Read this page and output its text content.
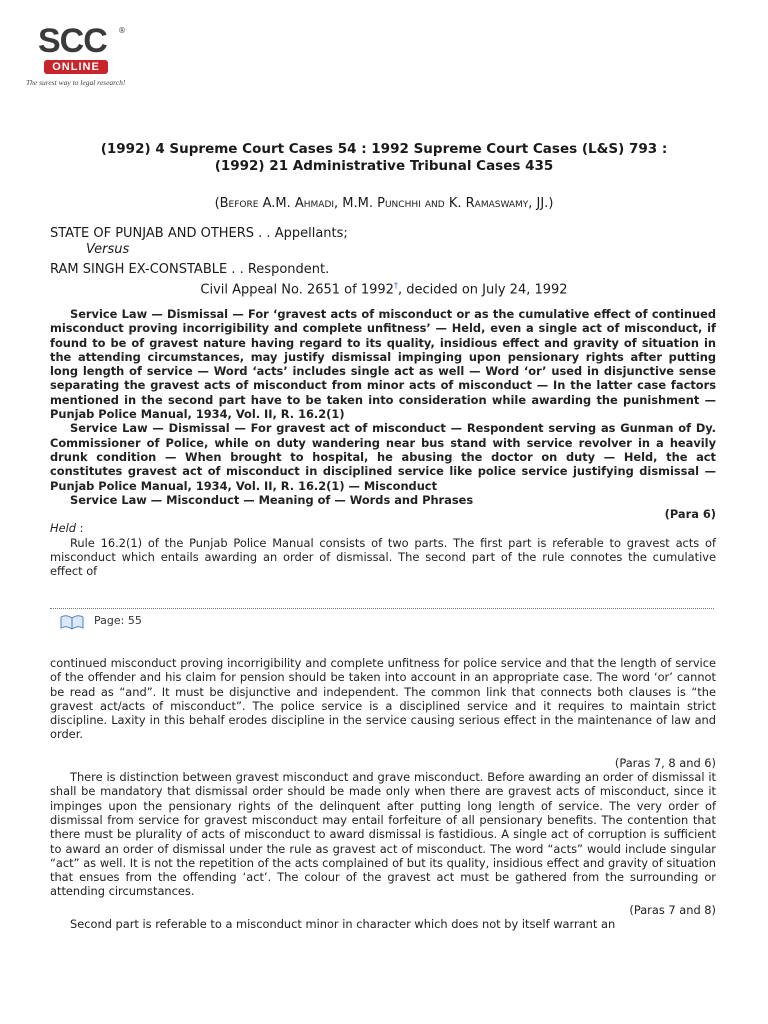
SCC ®
ONLINE
The surest way to legal research!
(1992) 4 Supreme Court Cases 54 : 1992 Supreme Court Cases (L&S) 793 :
(1992) 21 Administrative Tribunal Cases 435
(Before A.M. Ahmadi, M.M. Punchhi and K. Ramaswamy, JJ.)
STATE OF PUNJAB AND OTHERS . . Appellants;
Versus
RAM SINGH EX-CONSTABLE . . Respondent.
Civil Appeal No. 2651 of 1992†, decided on July 24, 1992

Service Law — Dismissal — For ‘gravest acts of misconduct or as the cumulative effect of continued misconduct proving incorrigibility and complete unfitness’ — Held, even a single act of misconduct, if found to be of gravest nature having regard to its quality, insidious effect and gravity of situation in the attending circumstances, may justify dismissal impinging upon pensionary rights after putting long length of service — Word ‘acts’ includes single act as well — Word ‘or’ used in disjunctive sense separating the gravest acts of misconduct from minor acts of misconduct — In the latter case factors mentioned in the second part have to be taken into consideration while awarding the punishment — Punjab Police Manual, 1934, Vol. II, R. 16.2(1)

Service Law — Dismissal — For gravest act of misconduct — Respondent serving as Gunman of Dy. Commissioner of Police, while on duty wandering near bus stand with service revolver in a heavily drunk condition — When brought to hospital, he abusing the doctor on duty — Held, the act constitutes gravest act of misconduct in disciplined service like police service justifying dismissal — Punjab Police Manual, 1934, Vol. II, R. 16.2(1) — Misconduct

Service Law — Misconduct — Meaning of — Words and Phrases

(Para 6)

Held :

Rule 16.2(1) of the Punjab Police Manual consists of two parts. The first part is referable to gravest acts of misconduct which entails awarding an order of dismissal. The second part of the rule connotes the cumulative effect of

Page: 55

continued misconduct proving incorrigibility and complete unfitness for police service and that the length of service of the offender and his claim for pension should be taken into account in an appropriate case. The word ‘or’ cannot be read as “and”. It must be disjunctive and independent. The common link that connects both clauses is “the gravest act/acts of misconduct”. The police service is a disciplined service and it requires to maintain strict discipline. Laxity in this behalf erodes discipline in the service causing serious effect in the maintenance of law and order.

(Paras 7, 8 and 6)

There is distinction between gravest misconduct and grave misconduct. Before awarding an order of dismissal it shall be mandatory that dismissal order should be made only when there are gravest acts of misconduct, since it impinges upon the pensionary rights of the delinquent after putting long length of service. The very order of dismissal from service for gravest misconduct may entail forfeiture of all pensionary benefits. The contention that there must be plurality of acts of misconduct to award dismissal is fastidious. A single act of corruption is sufficient to award an order of dismissal under the rule as gravest act of misconduct. The word “acts” would include singular “act” as well. It is not the repetition of the acts complained of but its quality, insidious effect and gravity of situation that ensues from the offending ‘act’. The colour of the gravest act must be gathered from the surrounding or attending circumstances.

(Paras 7 and 8)

Second part is referable to a misconduct minor in character which does not by itself warrant an
